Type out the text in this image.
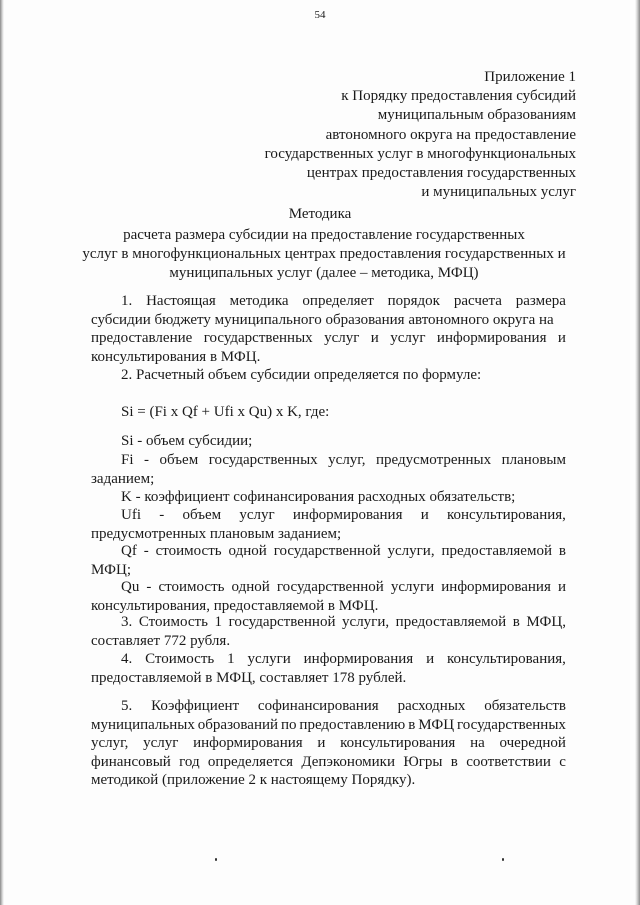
54
Приложение 1
к Порядку предоставления субсидий
муниципальным образованиям
автономного округа на предоставление
государственных услуг в многофункциональных
центрах предоставления государственных
и муниципальных услуг
Методика
расчета размера субсидии на предоставление государственных
услуг в многофункциональных центрах предоставления государственных и
муниципальных услуг (далее – методика, МФЦ)
1. Настоящая методика определяет порядок расчета размера
субсидии бюджету муниципального образования автономного округа на
предоставление государственных услуг и услуг информирования и
консультирования в МФЦ.
2. Расчетный объем субсидии определяется по формуле:
Si = (Fi x Qf + Ufi x Qu) x K, где:
Si - объем субсидии;
Fi - объем государственных услуг, предусмотренных плановым
заданием;
K - коэффициент софинансирования расходных обязательств;
Ufi - объем услуг информирования и консультирования,
предусмотренных плановым заданием;
Qf - стоимость одной государственной услуги, предоставляемой в
МФЦ;
Qu - стоимость одной государственной услуги информирования и
консультирования, предоставляемой в МФЦ.
3. Стоимость 1 государственной услуги, предоставляемой в МФЦ,
составляет 772 рубля.
4. Стоимость 1 услуги информирования и консультирования,
предоставляемой в МФЦ, составляет 178 рублей.
5. Коэффициент софинансирования расходных обязательств
муниципальных образований по предоставлению в МФЦ государственных
услуг, услуг информирования и консультирования на очередной
финансовый год определяется Депэкономики Югры в соответствии с
методикой (приложение 2 к настоящему Порядку).
